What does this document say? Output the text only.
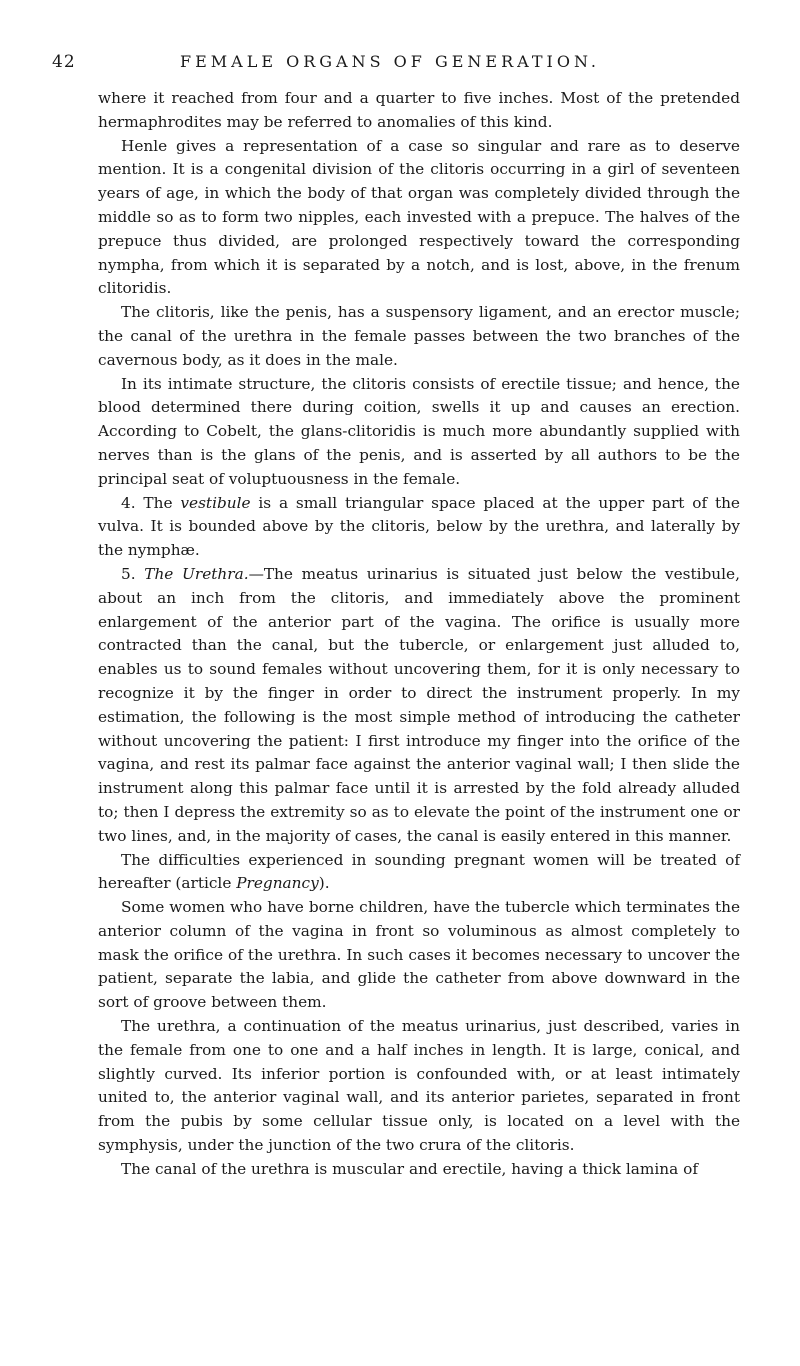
42	FEMALE ORGANS OF GENERATION.

where it reached from four and a quarter to five inches. Most of the pretended hermaphrodites may be referred to anomalies of this kind.

Henle gives a representation of a case so singular and rare as to deserve mention. It is a congenital division of the clitoris occurring in a girl of seventeen years of age, in which the body of that organ was completely divided through the middle so as to form two nipples, each invested with a prepuce. The halves of the prepuce thus divided, are prolonged respectively toward the corresponding nympha, from which it is separated by a notch, and is lost, above, in the frenum clitoridis.

The clitoris, like the penis, has a suspensory ligament, and an erector muscle; the canal of the urethra in the female passes between the two branches of the cavernous body, as it does in the male.

In its intimate structure, the clitoris consists of erectile tissue; and hence, the blood determined there during coition, swells it up and causes an erection. According to Cobelt, the glans-clitoridis is much more abundantly supplied with nerves than is the glans of the penis, and is asserted by all authors to be the principal seat of voluptuousness in the female.

4. The vestibule is a small triangular space placed at the upper part of the vulva. It is bounded above by the clitoris, below by the urethra, and laterally by the nymphæ.

5. The Urethra.—The meatus urinarius is situated just below the vestibule, about an inch from the clitoris, and immediately above the prominent enlargement of the anterior part of the vagina. The orifice is usually more contracted than the canal, but the tubercle, or enlargement just alluded to, enables us to sound females without uncovering them, for it is only necessary to recognize it by the finger in order to direct the instrument properly. In my estimation, the following is the most simple method of introducing the catheter without uncovering the patient: I first introduce my finger into the orifice of the vagina, and rest its palmar face against the anterior vaginal wall; I then slide the instrument along this palmar face until it is arrested by the fold already alluded to; then I depress the extremity so as to elevate the point of the instrument one or two lines, and, in the majority of cases, the canal is easily entered in this manner.

The difficulties experienced in sounding pregnant women will be treated of hereafter (article Pregnancy).

Some women who have borne children, have the tubercle which terminates the anterior column of the vagina in front so voluminous as almost completely to mask the orifice of the urethra. In such cases it becomes necessary to uncover the patient, separate the labia, and glide the catheter from above downward in the sort of groove between them.

The urethra, a continuation of the meatus urinarius, just described, varies in the female from one to one and a half inches in length. It is large, conical, and slightly curved. Its inferior portion is confounded with, or at least intimately united to, the anterior vaginal wall, and its anterior parietes, separated in front from the pubis by some cellular tissue only, is located on a level with the symphysis, under the junction of the two crura of the clitoris.

The canal of the urethra is muscular and erectile, having a thick lamina of
